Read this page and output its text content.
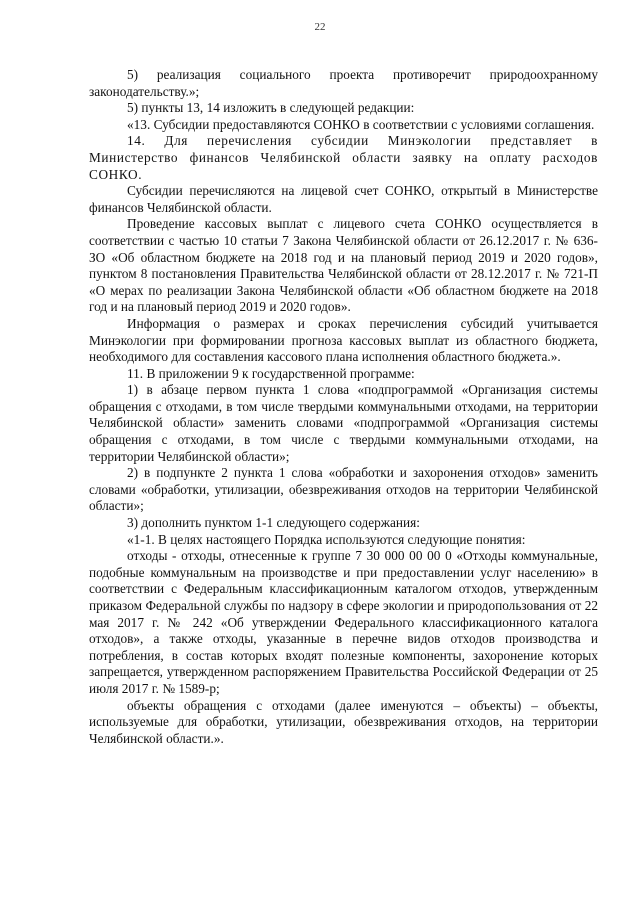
22

5) реализация социального проекта противоречит природоохранному законодательству.»;

5) пункты 13, 14 изложить в следующей редакции:

«13. Субсидии предоставляются СОНКО в соответствии с условиями соглашения.

14. Для перечисления субсидии Минэкологии представляет в Министерство финансов Челябинской области заявку на оплату расходов СОНКО.

Субсидии перечисляются на лицевой счет СОНКО, открытый в Министерстве финансов Челябинской области.

Проведение кассовых выплат с лицевого счета СОНКО осуществляется в соответствии с частью 10 статьи 7 Закона Челябинской области от 26.12.2017 г. № 636-ЗО «Об областном бюджете на 2018 год и на плановый период 2019 и 2020 годов», пунктом 8 постановления Правительства Челябинской области от 28.12.2017 г. № 721-П «О мерах по реализации Закона Челябинской области «Об областном бюджете на 2018 год и на плановый период 2019 и 2020 годов».

Информация о размерах и сроках перечисления субсидий учитывается Минэкологии при формировании прогноза кассовых выплат из областного бюджета, необходимого для составления кассового плана исполнения областного бюджета.».

11. В приложении 9 к государственной программе:

1) в абзаце первом пункта 1 слова «подпрограммой «Организация системы обращения с отходами, в том числе твердыми коммунальными отходами, на территории Челябинской области» заменить словами «подпрограммой «Организация системы обращения с отходами, в том числе с твердыми коммунальными отходами, на территории Челябинской области»;

2) в подпункте 2 пункта 1 слова «обработки и захоронения отходов» заменить словами «обработки, утилизации, обезвреживания отходов на территории Челябинской области»;

3) дополнить пунктом 1-1 следующего содержания:

«1-1. В целях настоящего Порядка используются следующие понятия:

отходы - отходы, отнесенные к группе 7 30 000 00 00 0 «Отходы коммунальные, подобные коммунальным на производстве и при предоставлении услуг населению» в соответствии с Федеральным классификационным каталогом отходов, утвержденным приказом Федеральной службы по надзору в сфере экологии и природопользования от 22 мая 2017 г. № 242 «Об утверждении Федерального классификационного каталога отходов», а также отходы, указанные в перечне видов отходов производства и потребления, в состав которых входят полезные компоненты, захоронение которых запрещается, утвержденном распоряжением Правительства Российской Федерации от 25 июля 2017 г. № 1589-р;

объекты обращения с отходами (далее именуются – объекты) – объекты, используемые для обработки, утилизации, обезвреживания отходов, на территории Челябинской области.».
